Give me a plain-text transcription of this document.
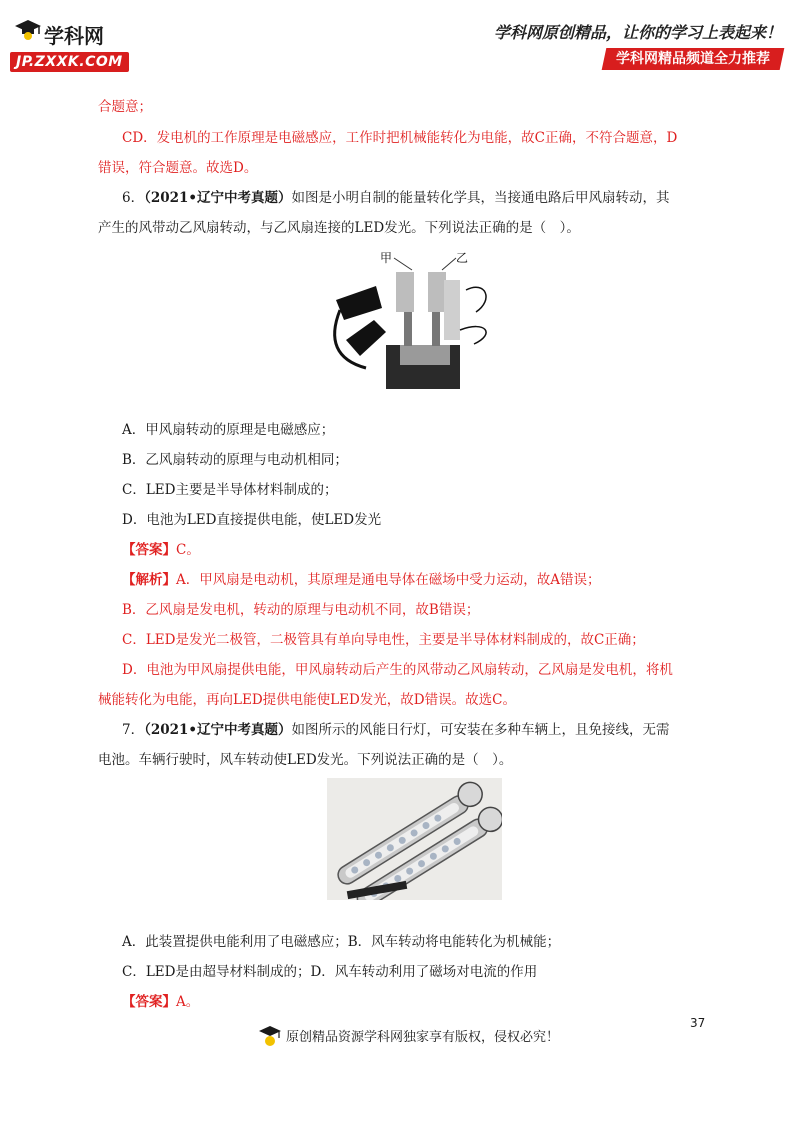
学科网
JP.ZXXK.COM
学科网原创精品，让你的学习上表起来！
学科网精品频道全力推荐
合题意；
CD．发电机的工作原理是电磁感应，工作时把机械能转化为电能，故C正确，不符合题意，D
错误，符合题意。故选D。
6．（2021•辽宁中考真题）如图是小明自制的能量转化学具，当接通电路后甲风扇转动，其
产生的风带动乙风扇转动，与乙风扇连接的LED发光。下列说法正确的是（　）。
甲	乙
A．甲风扇转动的原理是电磁感应；
B．乙风扇转动的原理与电动机相同；
C．LED主要是半导体材料制成的；
D．电池为LED直接提供电能，使LED发光
【答案】C。
【解析】A．甲风扇是电动机，其原理是通电导体在磁场中受力运动，故A错误；
B．乙风扇是发电机，转动的原理与电动机不同，故B错误；
C．LED是发光二极管，二极管具有单向导电性，主要是半导体材料制成的，故C正确；
D．电池为甲风扇提供电能，甲风扇转动后产生的风带动乙风扇转动，乙风扇是发电机，将机
械能转化为电能，再向LED提供电能使LED发光，故D错误。故选C。
7．（2021•辽宁中考真题）如图所示的风能日行灯，可安装在多种车辆上，且免接线，无需
电池。车辆行驶时，风车转动使LED发光。下列说法正确的是（　）。
A．此装置提供电能利用了电磁感应；B．风车转动将电能转化为机械能；
C．LED是由超导材料制成的；D．风车转动利用了磁场对电流的作用
【答案】A。
37
原创精品资源学科网独家享有版权，侵权必究！
